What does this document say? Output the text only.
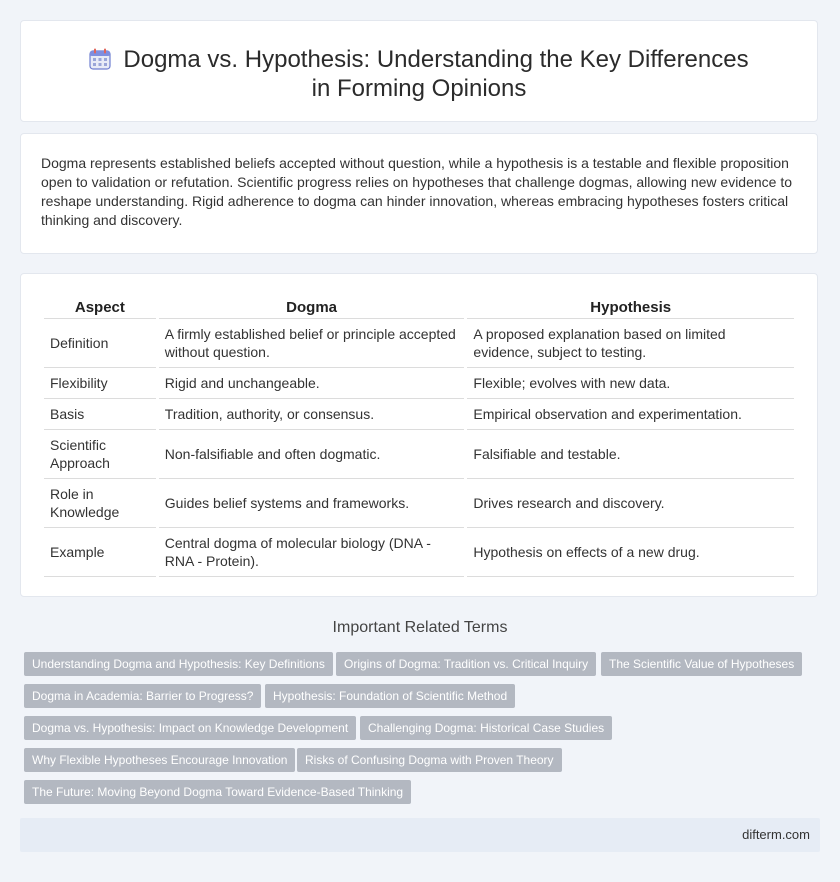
Dogma vs. Hypothesis: Understanding the Key Differences in Forming Opinions

Dogma represents established beliefs accepted without question, while a hypothesis is a testable and flexible proposition open to validation or refutation. Scientific progress relies on hypotheses that challenge dogmas, allowing new evidence to reshape understanding. Rigid adherence to dogma can hinder innovation, whereas embracing hypotheses fosters critical thinking and discovery.

Aspect	Dogma	Hypothesis
Definition	A firmly established belief or principle accepted without question.	A proposed explanation based on limited evidence, subject to testing.
Flexibility	Rigid and unchangeable.	Flexible; evolves with new data.
Basis	Tradition, authority, or consensus.	Empirical observation and experimentation.
Scientific Approach	Non-falsifiable and often dogmatic.	Falsifiable and testable.
Role in Knowledge	Guides belief systems and frameworks.	Drives research and discovery.
Example	Central dogma of molecular biology (DNA - RNA - Protein).	Hypothesis on effects of a new drug.
Important Related Terms
Understanding Dogma and Hypothesis: Key Definitions	Origins of Dogma: Tradition vs. Critical Inquiry	The Scientific Value of Hypotheses
Dogma in Academia: Barrier to Progress?	Hypothesis: Foundation of Scientific Method
Dogma vs. Hypothesis: Impact on Knowledge Development	Challenging Dogma: Historical Case Studies
Why Flexible Hypotheses Encourage Innovation	Risks of Confusing Dogma with Proven Theory
The Future: Moving Beyond Dogma Toward Evidence-Based Thinking
difterm.com
